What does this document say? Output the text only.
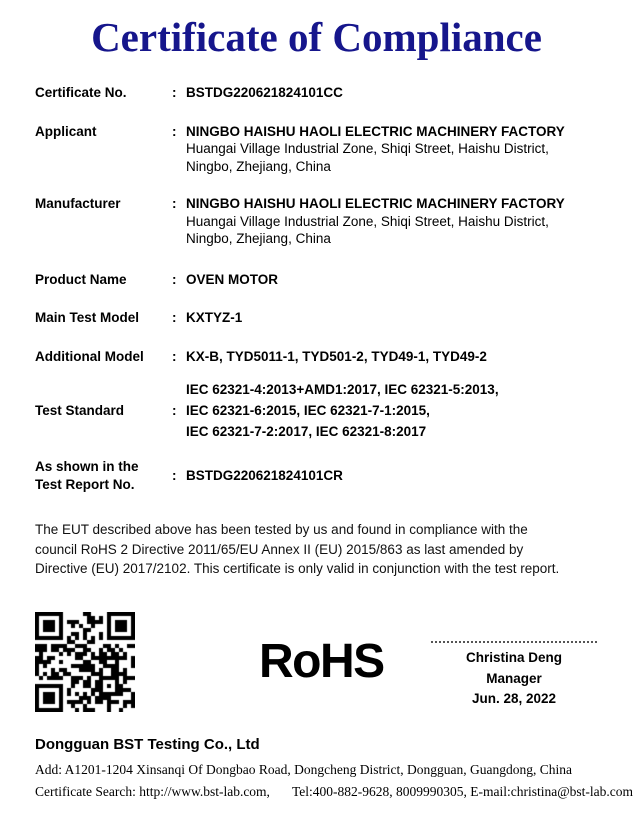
Certificate of Compliance
Certificate No.	: BSTDG220621824101CC
Applicant	: NINGBO HAISHU HAOLI ELECTRIC MACHINERY FACTORY
Huangai Village Industrial Zone, Shiqi Street, Haishu District,
Ningbo, Zhejiang, China
Manufacturer	: NINGBO HAISHU HAOLI ELECTRIC MACHINERY FACTORY
Huangai Village Industrial Zone, Shiqi Street, Haishu District,
Ningbo, Zhejiang, China
Product Name	: OVEN MOTOR
Main Test Model	: KXTYZ-1
Additional Model	: KX-B, TYD5011-1, TYD501-2, TYD49-1, TYD49-2
Test Standard	:
IEC 62321-4:2013+AMD1:2017, IEC 62321-5:2013,
IEC 62321-6:2015, IEC 62321-7-1:2015,
IEC 62321-7-2:2017, IEC 62321-8:2017
As shown in the
Test Report No.
: BSTDG220621824101CR
The EUT described above has been tested by us and found in compliance with the
council RoHS 2 Directive 2011/65/EU Annex II (EU) 2015/863 as last amended by
Directive (EU) 2017/2102. This certificate is only valid in conjunction with the test report.
RoHS	Christina Deng
Manager
Jun. 28, 2022
Dongguan BST Testing Co., Ltd
Add: A1201-1204 Xinsanqi Of Dongbao Road, Dongcheng District, Dongguan, Guangdong, China
Certificate Search: http://www.bst-lab.com, Tel:400-882-9628, 8009990305, E-mail:christina@bst-lab.com
